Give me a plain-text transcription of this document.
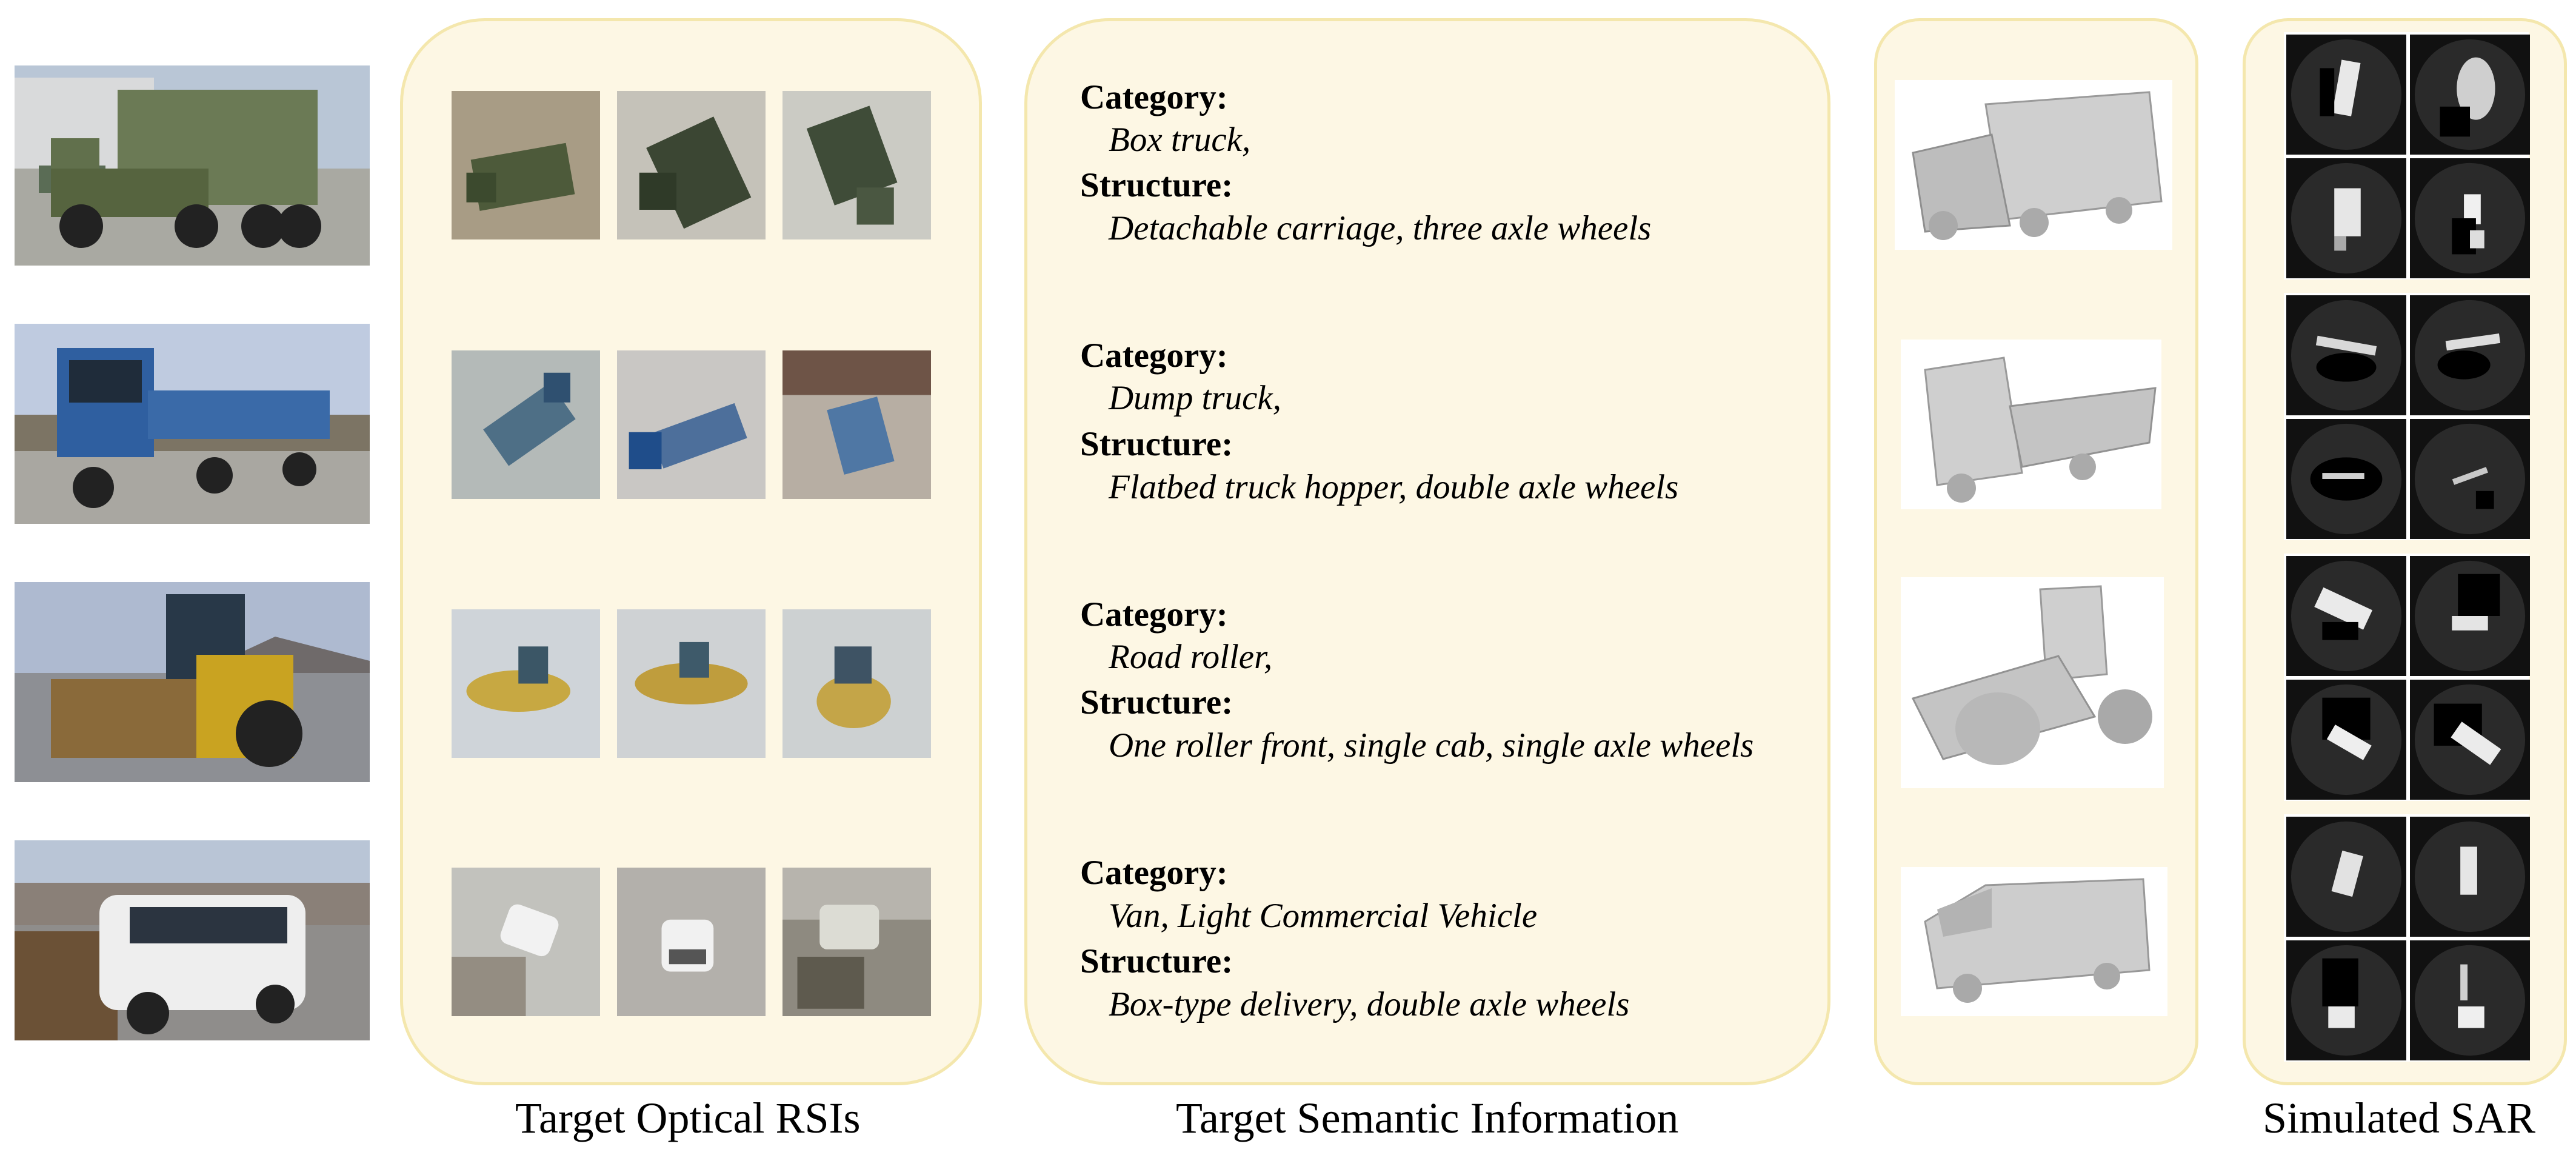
Category:
Box truck,
Structure:
Detachable carriage, three axle wheels
Category:
Dump truck,
Structure:
Flatbed truck hopper, double axle wheels
Category:
Road roller,
Structure:
One roller front, single cab, single axle wheels
Category:
Van, Light Commercial Vehicle
Structure:
Box-type delivery, double axle wheels
Target Optical RSIs	Target Semantic Information	Simulated SAR
